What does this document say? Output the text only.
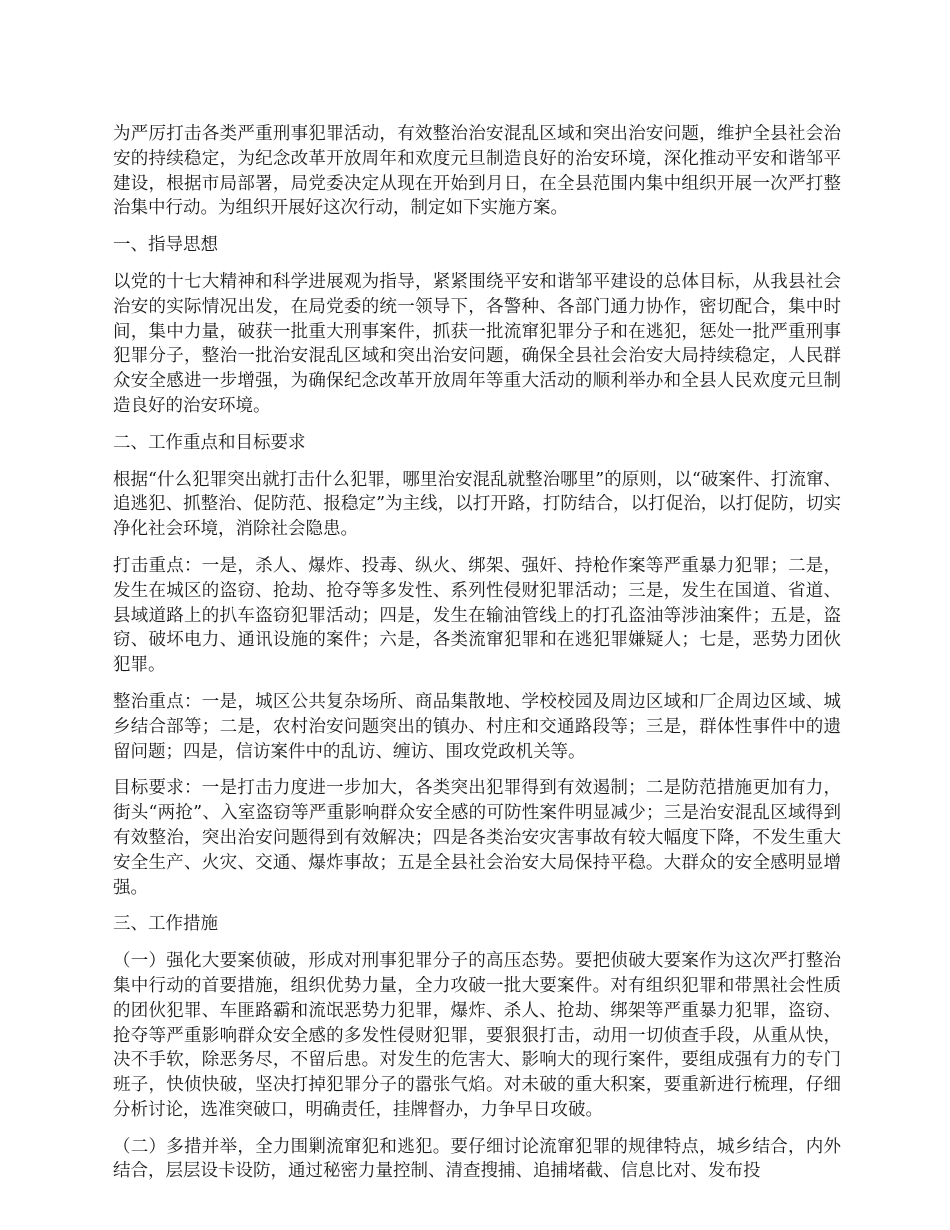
为严厉打击各类严重刑事犯罪活动，有效整治治安混乱区域和突出治安问题，维护全县社会治安的持续稳定，为纪念改革开放周年和欢度元旦制造良好的治安环境，深化推动平安和谐邹平建设，根据市局部署，局党委决定从现在开始到月日，在全县范围内集中组织开展一次严打整治集中行动。为组织开展好这次行动，制定如下实施方案。

一、指导思想

以党的十七大精神和科学进展观为指导，紧紧围绕平安和谐邹平建设的总体目标，从我县社会治安的实际情况出发，在局党委的统一领导下，各警种、各部门通力协作，密切配合，集中时间，集中力量，破获一批重大刑事案件，抓获一批流窜犯罪分子和在逃犯，惩处一批严重刑事犯罪分子，整治一批治安混乱区域和突出治安问题，确保全县社会治安大局持续稳定，人民群众安全感进一步增强，为确保纪念改革开放周年等重大活动的顺利举办和全县人民欢度元旦制造良好的治安环境。

二、工作重点和目标要求

根据“什么犯罪突出就打击什么犯罪，哪里治安混乱就整治哪里”的原则，以“破案件、打流窜、追逃犯、抓整治、促防范、报稳定”为主线，以打开路，打防结合，以打促治，以打促防，切实净化社会环境，消除社会隐患。

打击重点：一是，杀人、爆炸、投毒、纵火、绑架、强奸、持枪作案等严重暴力犯罪；二是，发生在城区的盗窃、抢劫、抢夺等多发性、系列性侵财犯罪活动；三是，发生在国道、省道、县域道路上的扒车盗窃犯罪活动；四是，发生在输油管线上的打孔盗油等涉油案件；五是，盗窃、破坏电力、通讯设施的案件；六是，各类流窜犯罪和在逃犯罪嫌疑人；七是，恶势力团伙犯罪。

整治重点：一是，城区公共复杂场所、商品集散地、学校校园及周边区域和厂企周边区域、城乡结合部等；二是，农村治安问题突出的镇办、村庄和交通路段等；三是，群体性事件中的遗留问题；四是，信访案件中的乱访、缠访、围攻党政机关等。

目标要求：一是打击力度进一步加大，各类突出犯罪得到有效遏制；二是防范措施更加有力，街头“两抢”、入室盗窃等严重影响群众安全感的可防性案件明显减少；三是治安混乱区域得到有效整治，突出治安问题得到有效解决；四是各类治安灾害事故有较大幅度下降，不发生重大安全生产、火灾、交通、爆炸事故；五是全县社会治安大局保持平稳。大群众的安全感明显增强。

三、工作措施

（一）强化大要案侦破，形成对刑事犯罪分子的高压态势。要把侦破大要案作为这次严打整治集中行动的首要措施，组织优势力量，全力攻破一批大要案件。对有组织犯罪和带黑社会性质的团伙犯罪、车匪路霸和流氓恶势力犯罪，爆炸、杀人、抢劫、绑架等严重暴力犯罪，盗窃、抢夺等严重影响群众安全感的多发性侵财犯罪，要狠狠打击，动用一切侦查手段，从重从快，决不手软，除恶务尽，不留后患。对发生的危害大、影响大的现行案件，要组成强有力的专门班子，快侦快破，坚决打掉犯罪分子的嚣张气焰。对未破的重大积案，要重新进行梳理，仔细分析讨论，选准突破口，明确责任，挂牌督办，力争早日攻破。

（二）多措并举，全力围剿流窜犯和逃犯。要仔细讨论流窜犯罪的规律特点，城乡结合，内外结合，层层设卡设防，通过秘密力量控制、清查搜捕、追捕堵截、信息比对、发布投
